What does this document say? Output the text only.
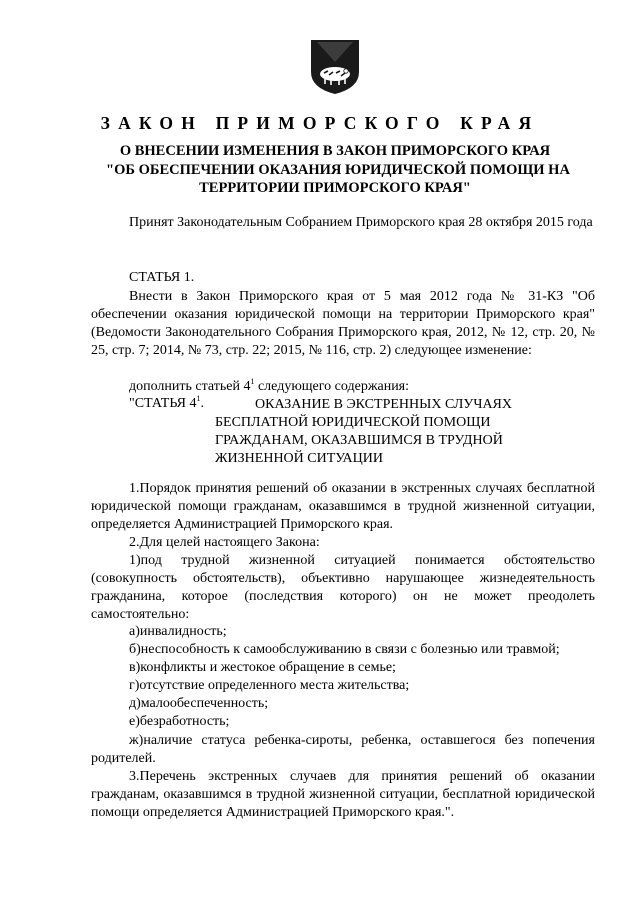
ЗАКОН ПРИМОРСКОГО КРАЯ
О ВНЕСЕНИИ ИЗМЕНЕНИЯ В ЗАКОН ПРИМОРСКОГО КРАЯ
"ОБ ОБЕСПЕЧЕНИИ ОКАЗАНИЯ ЮРИДИЧЕСКОЙ ПОМОЩИ НА
ТЕРРИТОРИИ ПРИМОРСКОГО КРАЯ"
Принят Законодательным Собранием Приморского края 28 октября 2015 года
СТАТЬЯ 1.
Внести в Закон Приморского края от 5 мая 2012 года № 31-КЗ "Об обеспечении оказания юридической помощи на территории Приморского края" (Ведомости Законодательного Собрания Приморского края, 2012, № 12, стр. 20, № 25, стр. 7; 2014, № 73, стр. 22; 2015, № 116, стр. 2) следующее изменение:
дополнить статьей $4^1$ следующего содержания:
"СТАТЬЯ $4^1$.	ОКАЗАНИЕ В ЭКСТРЕННЫХ СЛУЧАЯХ БЕСПЛАТНОЙ ЮРИДИЧЕСКОЙ ПОМОЩИ ГРАЖДАНАМ, ОКАЗАВШИМСЯ В ТРУДНОЙ ЖИЗНЕННОЙ СИТУАЦИИ
1.Порядок принятия решений об оказании в экстренных случаях бесплатной юридической помощи гражданам, оказавшимся в трудной жизненной ситуации, определяется Администрацией Приморского края.
2.Для целей настоящего Закона:
1)под трудной жизненной ситуацией понимается обстоятельство (совокупность обстоятельств), объективно нарушающее жизнедеятельность гражданина, которое (последствия которого) он не может преодолеть самостоятельно:
а)инвалидность;
б)неспособность к самообслуживанию в связи с болезнью или травмой;
в)конфликты и жестокое обращение в семье;
г)отсутствие определенного места жительства;
д)малообеспеченность;
е)безработность;
ж)наличие статуса ребенка-сироты, ребенка, оставшегося без попечения родителей.
3.Перечень экстренных случаев для принятия решений об оказании гражданам, оказавшимся в трудной жизненной ситуации, бесплатной юридической помощи определяется Администрацией Приморского края.".
